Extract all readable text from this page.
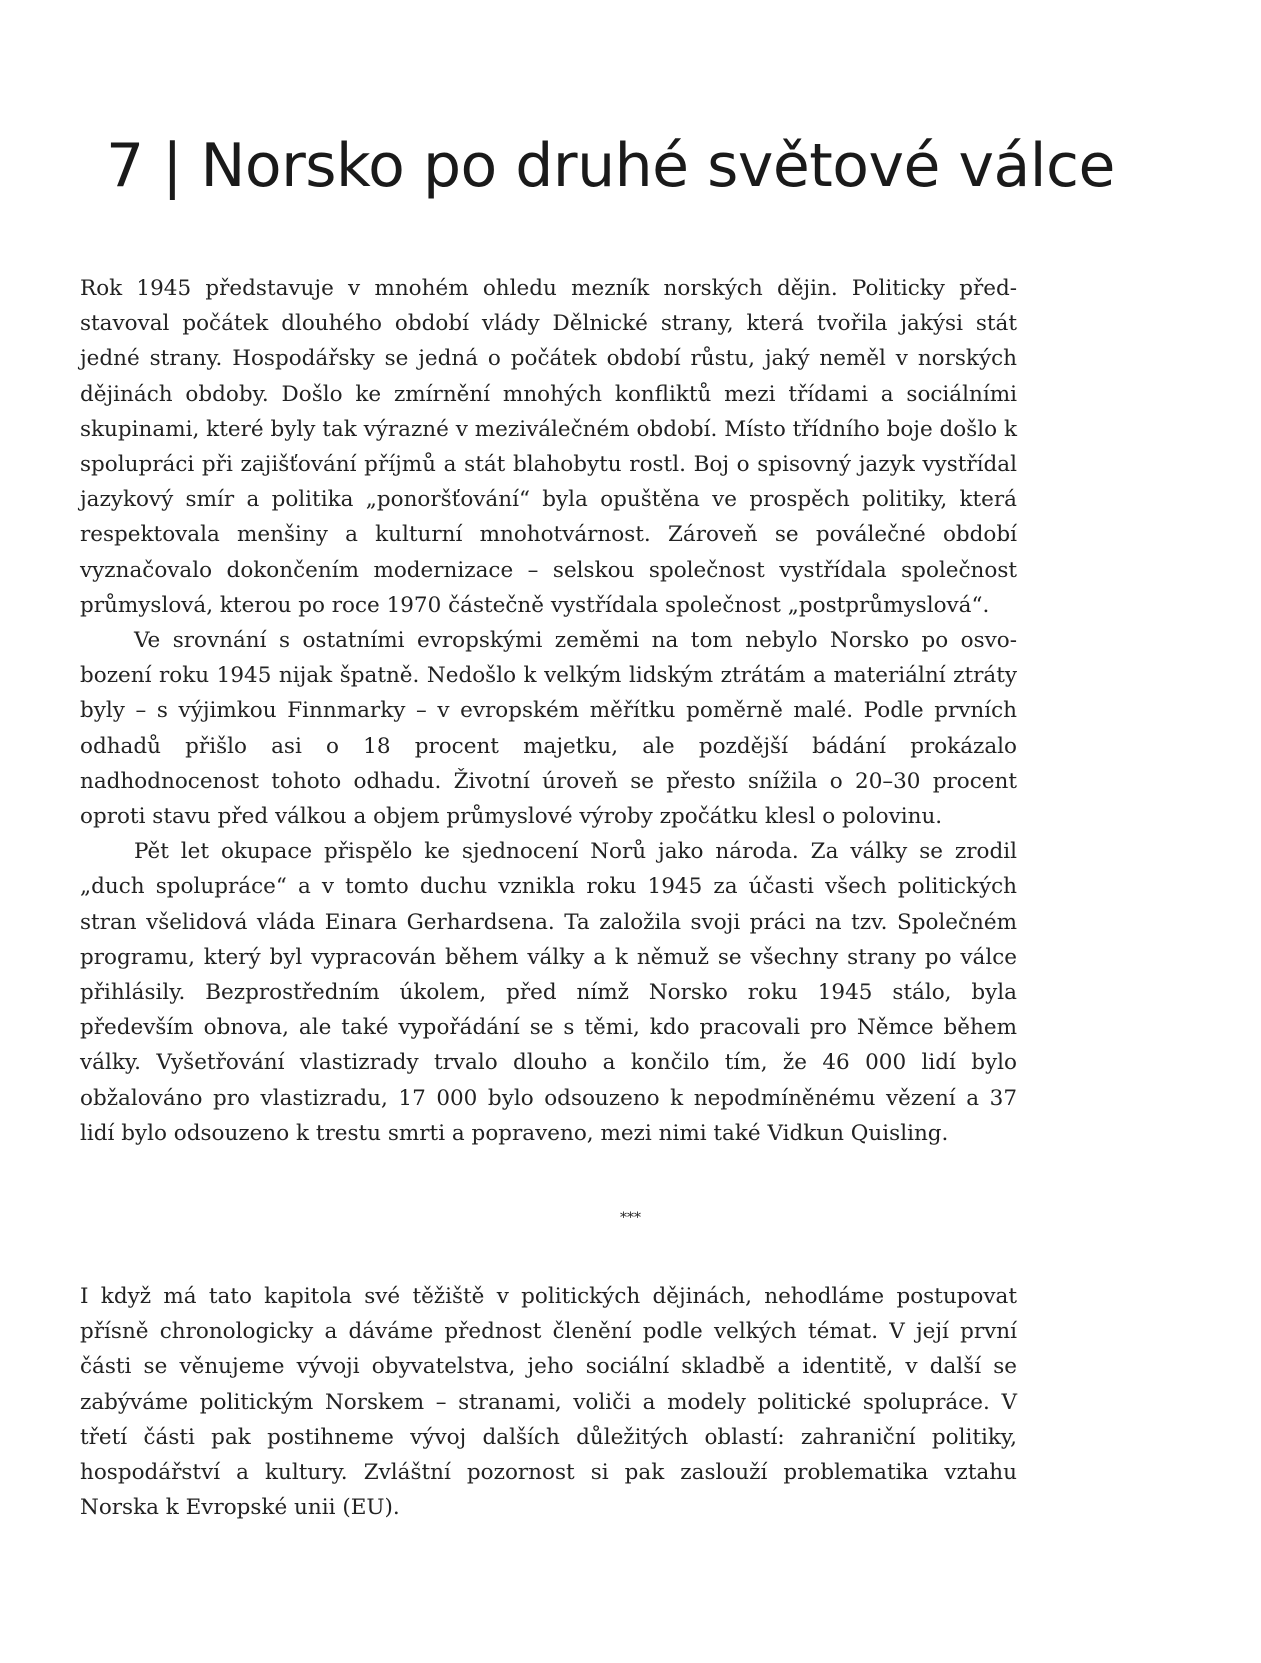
7 | Norsko po druhé světové válce

Rok 1945 představuje v mnohém ohledu mezník norských dějin. Politicky představoval počátek dlouhého období vlády Dělnické strany, která tvořila jakýsi stát jedné strany. Hospodářsky se jedná o počátek období růstu, jaký neměl v norských dějinách obdoby. Došlo ke zmírnění mnohých konfliktů mezi třídami a sociálními skupinami, které byly tak výrazné v meziválečném období. Místo třídního boje došlo k spolupráci při zajišťování příjmů a stát blahobytu rostl. Boj o spisovný jazyk vystřídal jazykový smír a politika „ponoršťování“ byla opuštěna ve prospěch politiky, která respektovala menšiny a kulturní mnohotvárnost. Zároveň se poválečné období vyznačovalo dokončením modernizace – selskou společnost vystřídala společnost průmyslová, kterou po roce 1970 částečně vystřídala společnost „postprůmyslová“.

Ve srovnání s ostatními evropskými zeměmi na tom nebylo Norsko po osvobození roku 1945 nijak špatně. Nedošlo k velkým lidským ztrátám a materiální ztráty byly – s výjimkou Finnmarky – v evropském měřítku poměrně malé. Podle prvních odhadů přišlo asi o 18 procent majetku, ale pozdější bádání prokázalo nadhodnocenost tohoto odhadu. Životní úroveň se přesto snížila o 20–30 procent oproti stavu před válkou a objem průmyslové výroby zpočátku klesl o polovinu.

Pět let okupace přispělo ke sjednocení Norů jako národa. Za války se zrodil „duch spolupráce“ a v tomto duchu vznikla roku 1945 za účasti všech politických stran všelidová vláda Einara Gerhardsena. Ta založila svoji práci na tzv. Společném programu, který byl vypracován během války a k němuž se všechny strany po válce přihlásily. Bezprostředním úkolem, před nímž Norsko roku 1945 stálo, byla především obnova, ale také vypořádání se s těmi, kdo pracovali pro Němce během války. Vyšetřování vlastizrady trvalo dlouho a končilo tím, že 46 000 lidí bylo obžalováno pro vlastizradu, 17 000 bylo odsouzeno k nepodmíněnému vězení a 37 lidí bylo odsouzeno k trestu smrti a popraveno, mezi nimi také Vidkun Quisling.

***

I když má tato kapitola své těžiště v politických dějinách, nehodláme postupovat přísně chronologicky a dáváme přednost členění podle velkých témat. V její první části se věnujeme vývoji obyvatelstva, jeho sociální skladbě a identitě, v další se zabýváme politickým Norskem – stranami, voliči a modely politické spolupráce. V třetí části pak postihneme vývoj dalších důležitých oblastí: zahraniční politiky, hospodářství a kultury. Zvláštní pozornost si pak zaslouží problematika vztahu Norska k Evropské unii (EU).
